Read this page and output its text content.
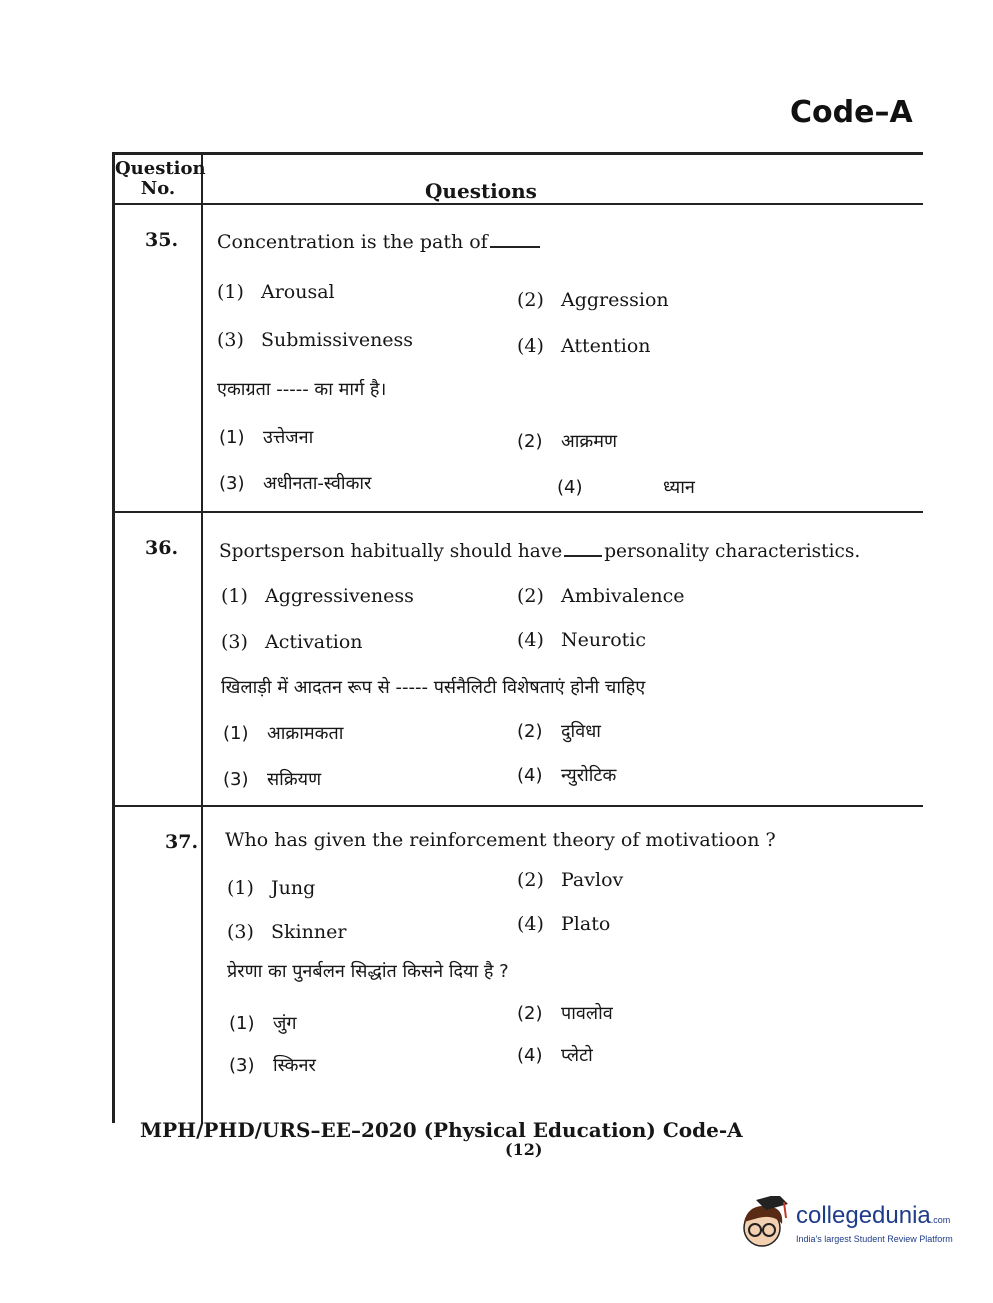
Code–A
Question
No.	Questions
35. Concentration is the path of
(1) Arousal	(2) Aggression
(3) Submissiveness	(4) Attention
एकाग्रता ----- का मार्ग है।
(1) उत्तेजना	(2) आक्रमण
(3) अधीनता-स्वीकार	(4)	ध्यान
36. Sportsperson habitually should have personality characteristics.
(1) Aggressiveness	(2) Ambivalence
(3) Activation	(4) Neurotic
खिलाड़ी में आदतन रूप से ----- पर्सनैलिटी विशेषताएं होनी चाहिए
(1) आक्रामकता	(2) दुविधा
(3) सक्रियण	(4) न्युरोटिक
37. Who has given the reinforcement theory of motivatioon ?
(1) Jung	(2) Pavlov
(3) Skinner	(4) Plato
प्रेरणा का पुनर्बलन सिद्धांत किसने दिया है ?
(1) जुंग	(2) पावलोव
(3) स्किनर	(4) प्लेटो
MPH/PHD/URS–EE–2020 (Physical Education) Code-A
(12)
collegedunia.com
India's largest Student Review Platform
